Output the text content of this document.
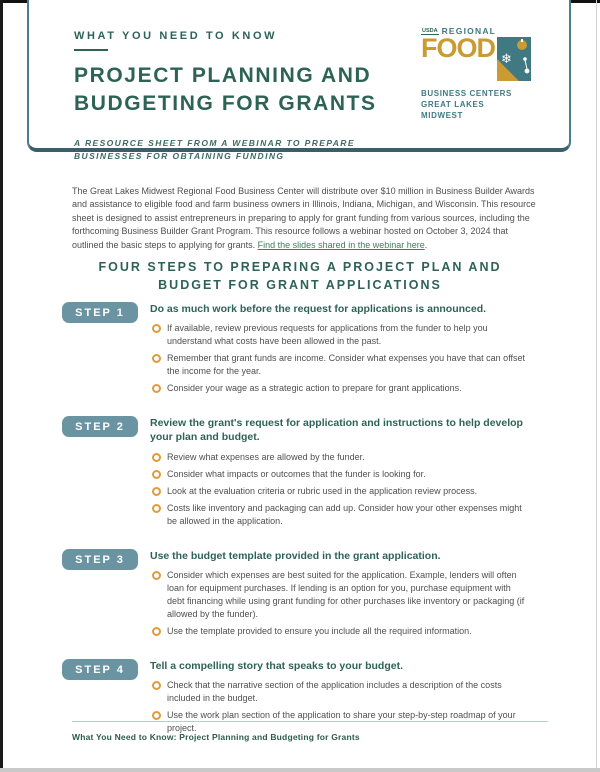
WHAT YOU NEED TO KNOW
PROJECT PLANNING AND BUDGETING FOR GRANTS
A RESOURCE SHEET FROM A WEBINAR TO PREPARE BUSINESSES FOR OBTAINING FUNDING
USDA REGIONAL
FOOD ❄
BUSINESS CENTERS
GREAT LAKES MIDWEST

The Great Lakes Midwest Regional Food Business Center will distribute over $10 million in Business Builder Awards and assistance to eligible food and farm business owners in Illinois, Indiana, Michigan, and Wisconsin. This resource sheet is designed to assist entrepreneurs in preparing to apply for grant funding from various sources, including the forthcoming Business Builder Grant Program. This resource follows a webinar hosted on October 3, 2024 that outlined the basic steps to applying for grants. Find the slides shared in the webinar here.

FOUR STEPS TO PREPARING A PROJECT PLAN AND BUDGET FOR GRANT APPLICATIONS
STEP 1	Do as much work before the request for applications is announced.
If available, review previous requests for applications from the funder to help you understand what costs have been allowed in the past.
Remember that grant funds are income. Consider what expenses you have that can offset the income for the year.
Consider your wage as a strategic action to prepare for grant applications.
STEP 2	Review the grant's request for application and instructions to help develop your plan and budget.
Review what expenses are allowed by the funder.
Consider what impacts or outcomes that the funder is looking for.
Look at the evaluation criteria or rubric used in the application review process.
Costs like inventory and packaging can add up. Consider how your other expenses might be allowed in the application.
STEP 3	Use the budget template provided in the grant application.
Consider which expenses are best suited for the application. Example, lenders will often loan for equipment purchases. If lending is an option for you, purchase equipment with debt financing while using grant funding for other purchases like inventory or packaging (if allowed by the funder).
Use the template provided to ensure you include all the required information.
STEP 4	Tell a compelling story that speaks to your budget.
Check that the narrative section of the application includes a description of the costs included in the budget.
Use the work plan section of the application to share your step-by-step roadmap of your project.
What You Need to Know: Project Planning and Budgeting for Grants
